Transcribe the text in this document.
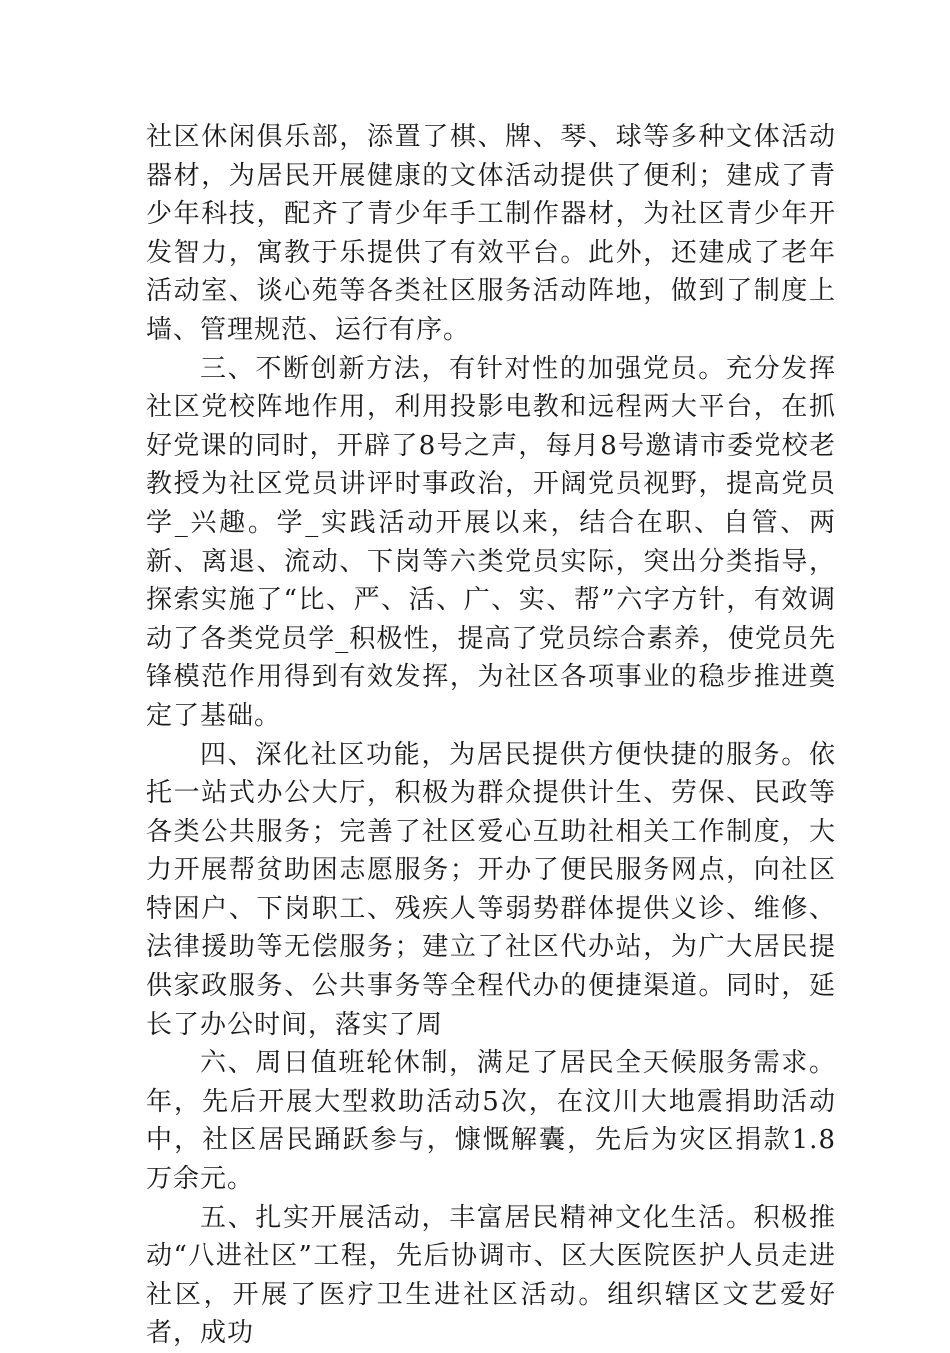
社区休闲俱乐部，添置了棋、牌、琴、球等多种文体活动器材，为居民开展健康的文体活动提供了便利；建成了青少年科技，配齐了青少年手工制作器材，为社区青少年开发智力，寓教于乐提供了有效平台。此外，还建成了老年活动室、谈心苑等各类社区服务活动阵地，做到了制度上墙、管理规范、运行有序。

三、不断创新方法，有针对性的加强党员。充分发挥社区党校阵地作用，利用投影电教和远程两大平台，在抓好党课的同时，开辟了8号之声，每月8号邀请市委党校老教授为社区党员讲评时事政治，开阔党员视野，提高党员学_兴趣。学_实践活动开展以来，结合在职、自管、两新、离退、流动、下岗等六类党员实际，突出分类指导，探索实施了“比、严、活、广、实、帮”六字方针，有效调动了各类党员学_积极性，提高了党员综合素养，使党员先锋模范作用得到有效发挥，为社区各项事业的稳步推进奠定了基础。

四、深化社区功能，为居民提供方便快捷的服务。依托一站式办公大厅，积极为群众提供计生、劳保、民政等各类公共服务；完善了社区爱心互助社相关工作制度，大力开展帮贫助困志愿服务；开办了便民服务网点，向社区特困户、下岗职工、残疾人等弱势群体提供义诊、维修、法律援助等无偿服务；建立了社区代办站，为广大居民提供家政服务、公共事务等全程代办的便捷渠道。同时，延长了办公时间，落实了周

六、周日值班轮休制，满足了居民全天候服务需求。年，先后开展大型救助活动5次，在汶川大地震捐助活动中，社区居民踊跃参与，慷慨解囊，先后为灾区捐款1.8万余元。

五、扎实开展活动，丰富居民精神文化生活。积极推动“八进社区”工程，先后协调市、区大医院医护人员走进社区，开展了医疗卫生进社区活动。组织辖区文艺爱好者，成功
